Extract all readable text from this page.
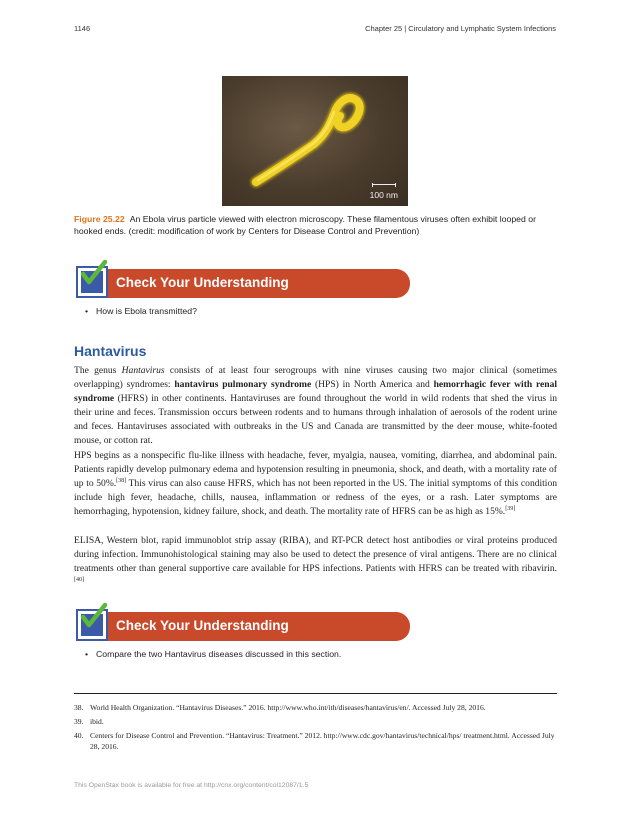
1146	Chapter 25 | Circulatory and Lymphatic System Infections
100 nm
Figure 25.22 An Ebola virus particle viewed with electron microscopy. These filamentous viruses often exhibit looped or hooked ends. (credit: modification of work by Centers for Disease Control and Prevention)
Check Your Understanding
• How is Ebola transmitted?
Hantavirus
The genus Hantavirus consists of at least four serogroups with nine viruses causing two major clinical (sometimes overlapping) syndromes: hantavirus pulmonary syndrome (HPS) in North America and hemorrhagic fever with renal syndrome (HFRS) in other continents. Hantaviruses are found throughout the world in wild rodents that shed the virus in their urine and feces. Transmission occurs between rodents and to humans through inhalation of aerosols of the rodent urine and feces. Hantaviruses associated with outbreaks in the US and Canada are transmitted by the deer mouse, white-footed mouse, or cotton rat.
HPS begins as a nonspecific flu-like illness with headache, fever, myalgia, nausea, vomiting, diarrhea, and abdominal pain. Patients rapidly develop pulmonary edema and hypotension resulting in pneumonia, shock, and death, with a mortality rate of up to 50%.[38] This virus can also cause HFRS, which has not been reported in the US. The initial symptoms of this condition include high fever, headache, chills, nausea, inflammation or redness of the eyes, or a rash. Later symptoms are hemorrhaging, hypotension, kidney failure, shock, and death. The mortality rate of HFRS can be as high as 15%.[39]
ELISA, Western blot, rapid immunoblot strip assay (RIBA), and RT-PCR detect host antibodies or viral proteins produced during infection. Immunohistological staining may also be used to detect the presence of viral antigens. There are no clinical treatments other than general supportive care available for HPS infections. Patients with HFRS can be treated with ribavirin.[40]
Check Your Understanding
• Compare the two Hantavirus diseases discussed in this section.
38. World Health Organization. “Hantavirus Diseases.” 2016. http://www.who.int/ith/diseases/hantavirus/en/. Accessed July 28, 2016.
39. ibid.
40. Centers for Disease Control and Prevention. “Hantavirus: Treatment.” 2012. http://www.cdc.gov/hantavirus/technical/hps/ treatment.html. Accessed July 28, 2016.
This OpenStax book is available for free at http://cnx.org/content/col12087/1.5
